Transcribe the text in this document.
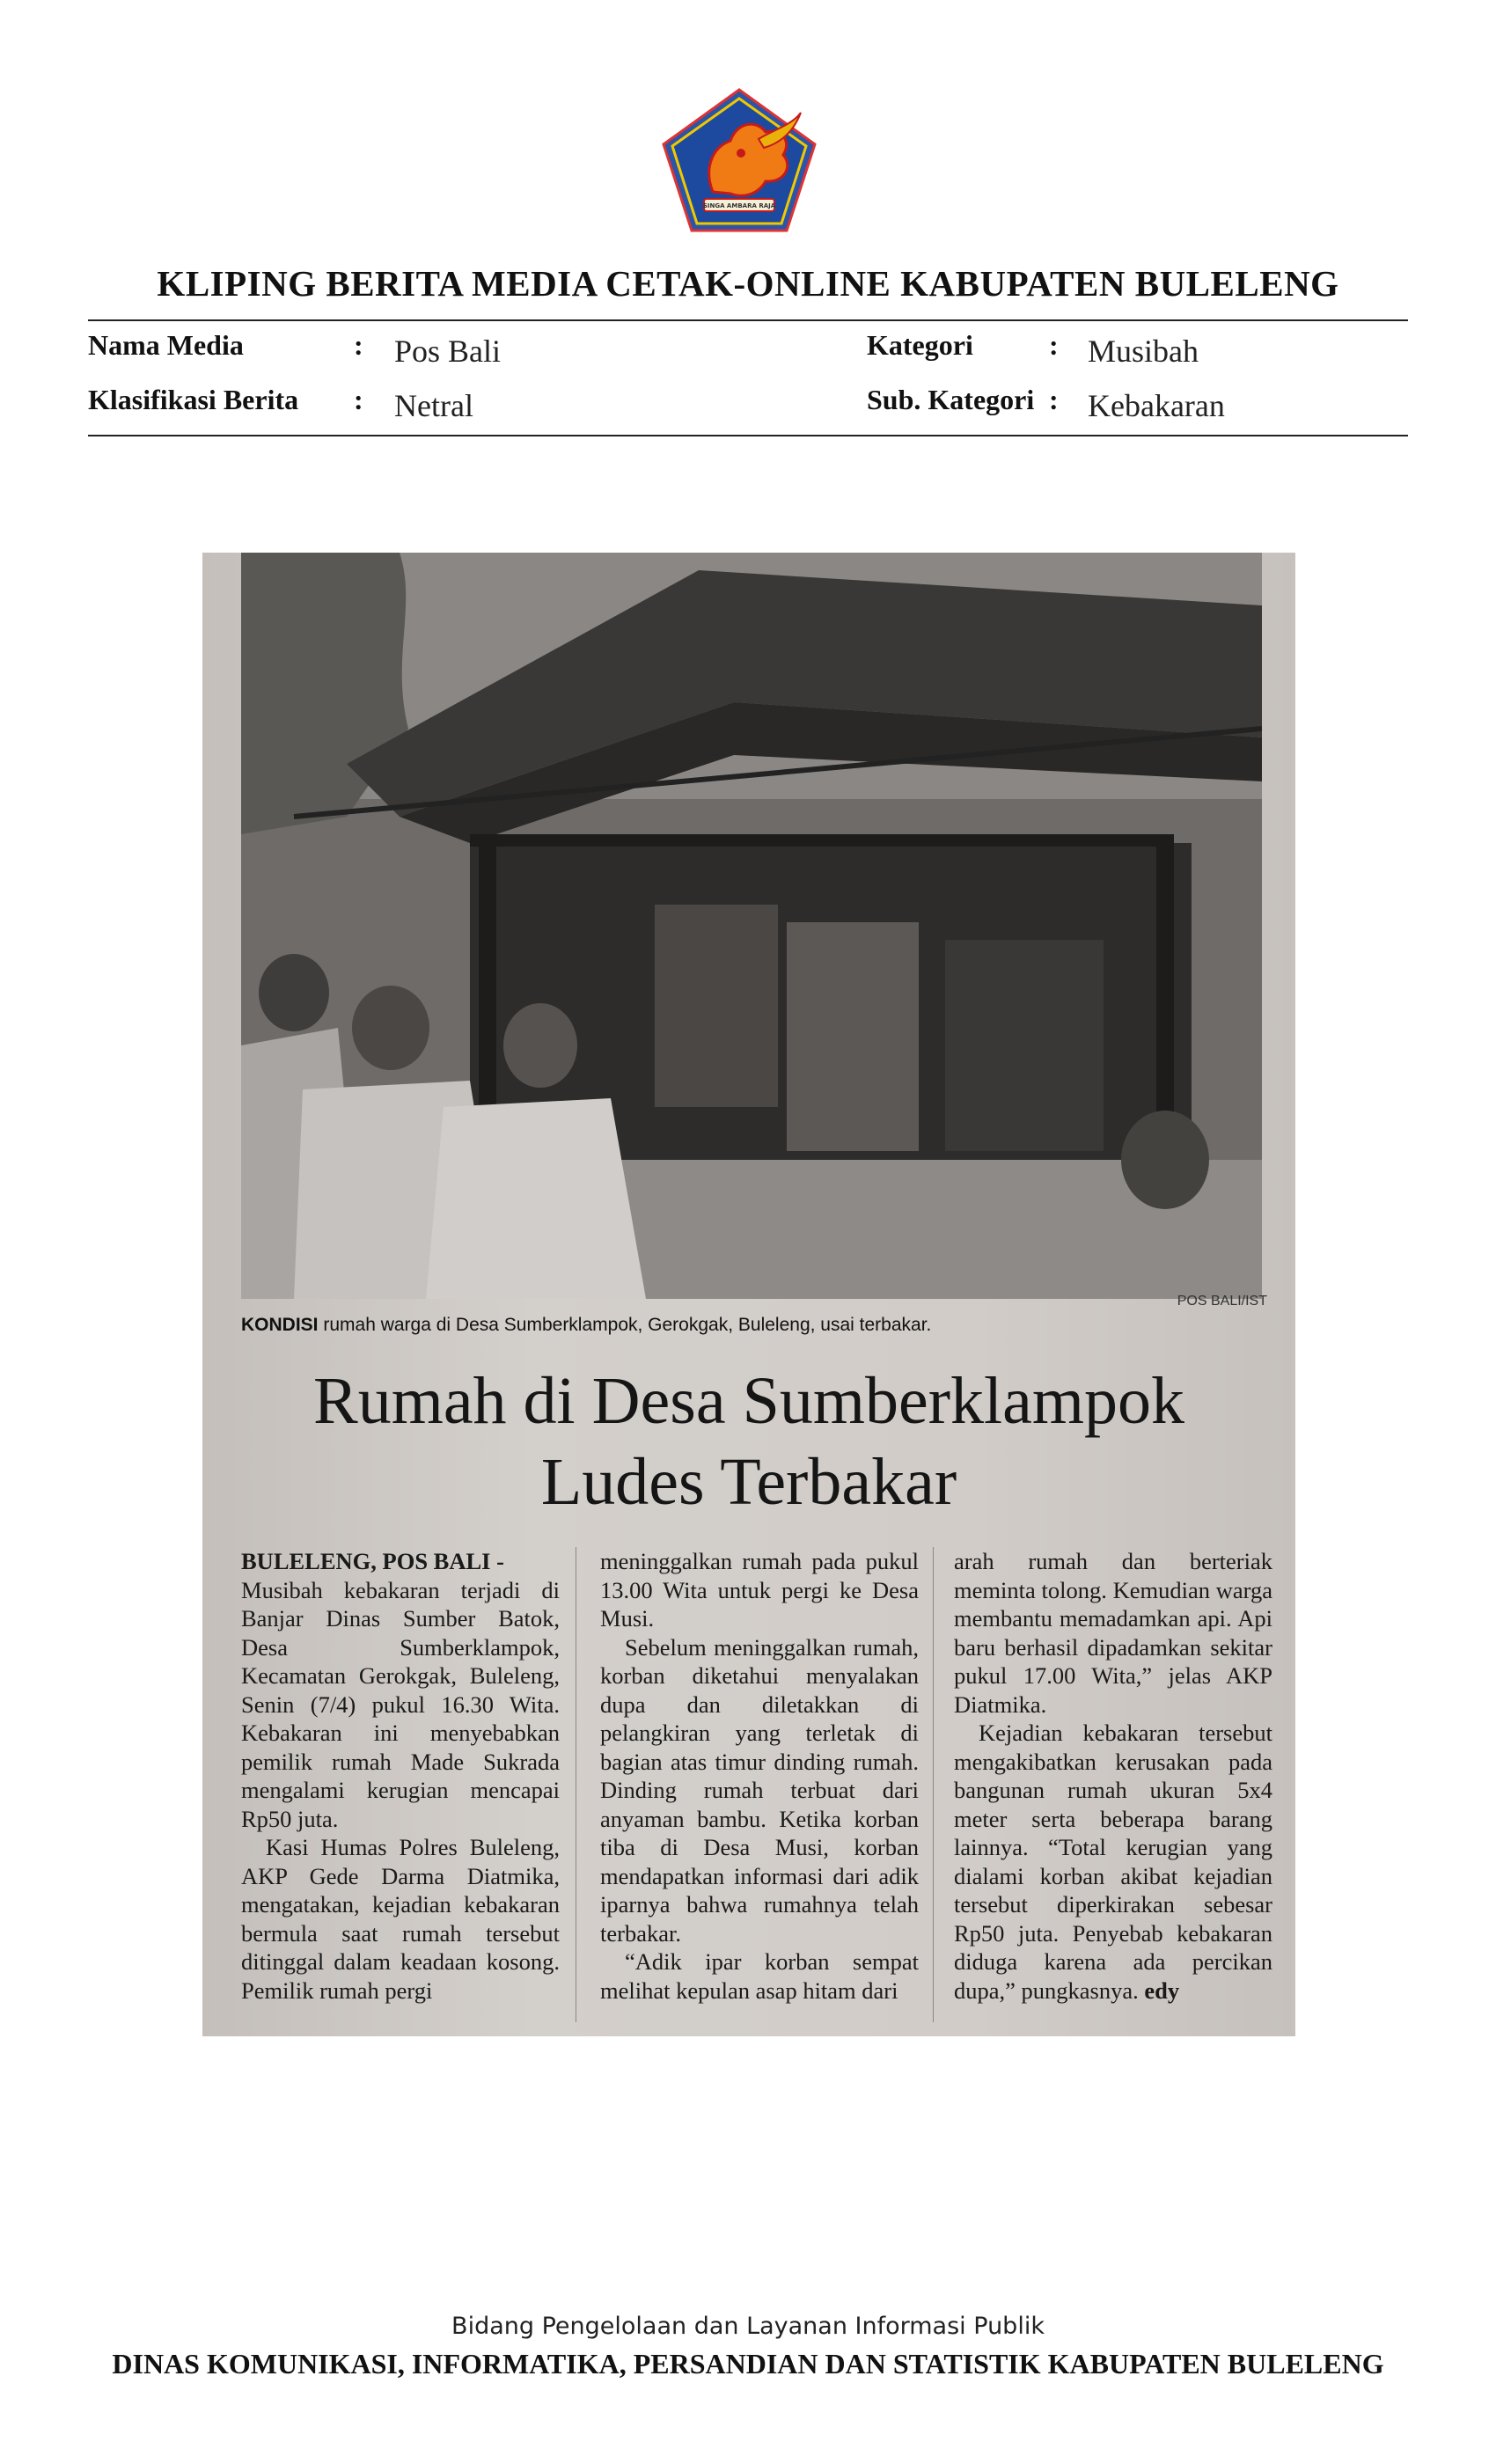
SINGA AMBARA RAJA
KLIPING BERITA MEDIA CETAK-ONLINE KABUPATEN BULELENG
Nama Media	: Pos Bali
Klasifikasi Berita : Netral
Kategori	: Musibah
Sub. Kategori : Kebakaran
POS BALI/IST
KONDISI rumah warga di Desa Sumberklampok, Gerokgak, Buleleng, usai terbakar.
Rumah di Desa Sumberklampok
Ludes Terbakar

BULELENG, POS BALI -

Musibah kebakaran terjadi di Banjar Dinas Sumber Batok, Desa Sumberklampok, Kecamatan Gerokgak, Buleleng, Senin (7/4) pukul 16.30 Wita. Kebakaran ini menyebabkan pemilik rumah Made Sukrada mengalami kerugian mencapai Rp50 juta.

Kasi Humas Polres Buleleng, AKP Gede Darma Diatmika, mengatakan, kejadian kebakaran bermula saat rumah tersebut ditinggal dalam keadaan kosong. Pemilik rumah pergi

meninggalkan rumah pada pukul 13.00 Wita untuk pergi ke Desa Musi.

Sebelum meninggalkan rumah, korban diketahui menyalakan dupa dan diletakkan di pelangkiran yang terletak di bagian atas timur dinding rumah. Dinding rumah terbuat dari anyaman bambu. Ketika korban tiba di Desa Musi, korban mendapatkan informasi dari adik iparnya bahwa rumahnya telah terbakar.

“Adik ipar korban sempat melihat kepulan asap hitam dari

arah rumah dan berteriak meminta tolong. Kemudian warga membantu memadamkan api. Api baru berhasil dipadamkan sekitar pukul 17.00 Wita,” jelas AKP Diatmika.

Kejadian kebakaran tersebut mengakibatkan kerusakan pada bangunan rumah ukuran 5x4 meter serta beberapa barang lainnya. “Total kerugian yang dialami korban akibat kejadian tersebut diperkirakan sebesar Rp50 juta. Penyebab kebakaran diduga karena ada percikan dupa,” pungkasnya. edy

Bidang Pengelolaan dan Layanan Informasi Publik
DINAS KOMUNIKASI, INFORMATIKA, PERSANDIAN DAN STATISTIK KABUPATEN BULELENG
